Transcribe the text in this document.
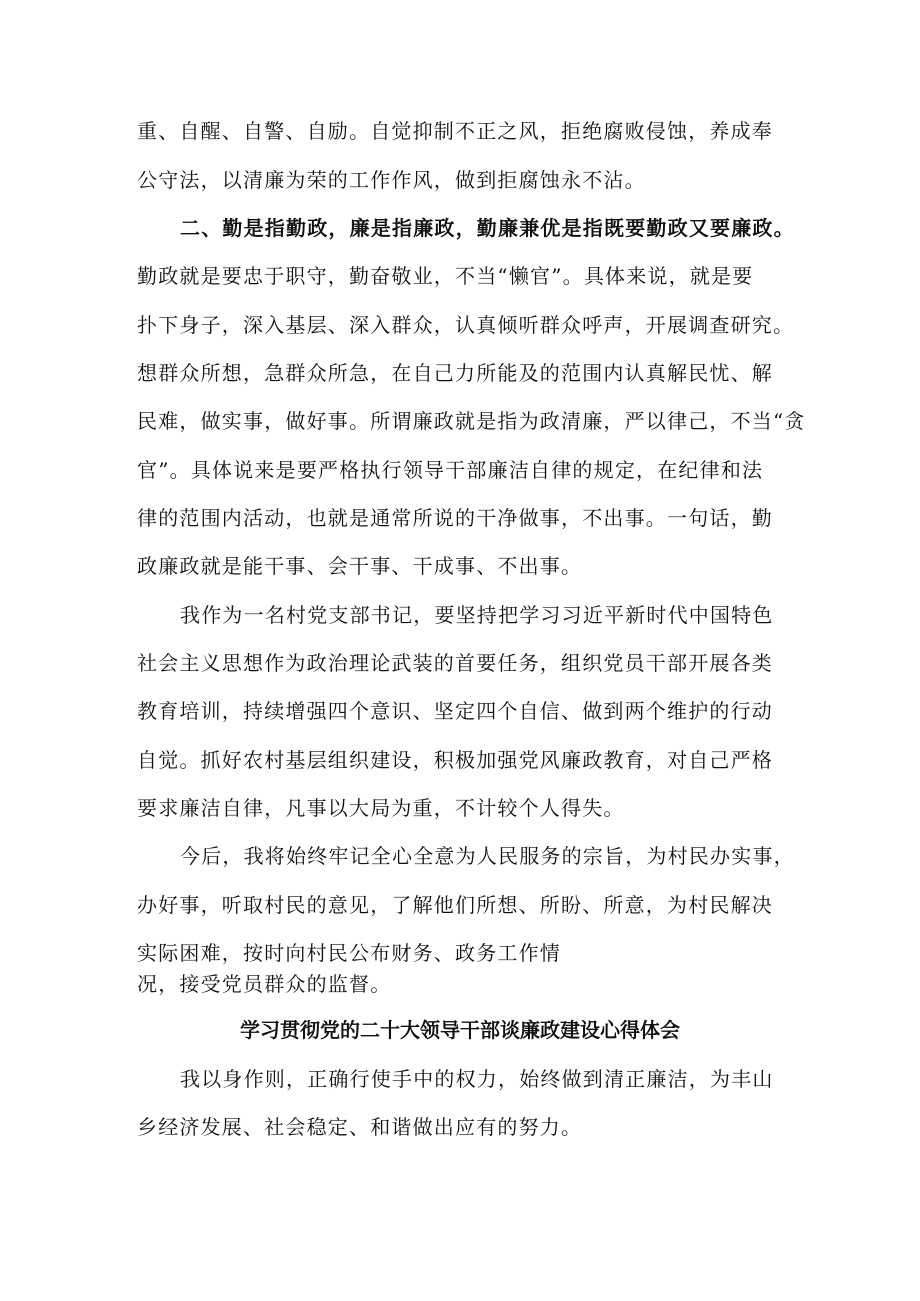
重、自醒、自警、自励。自觉抑制不正之风，拒绝腐败侵蚀，养成奉
公守法，以清廉为荣的工作作风，做到拒腐蚀永不沾。
二、勤是指勤政，廉是指廉政，勤廉兼优是指既要勤政又要廉政。
勤政就是要忠于职守，勤奋敬业，不当“懒官”。具体来说，就是要
扑下身子，深入基层、深入群众，认真倾听群众呼声，开展调查研究。
想群众所想，急群众所急，在自己力所能及的范围内认真解民忧、解
民难，做实事，做好事。所谓廉政就是指为政清廉，严以律己，不当“贪
官”。具体说来是要严格执行领导干部廉洁自律的规定，在纪律和法
律的范围内活动，也就是通常所说的干净做事，不出事。一句话，勤
政廉政就是能干事、会干事、干成事、不出事。
我作为一名村党支部书记，要坚持把学习习近平新时代中国特色
社会主义思想作为政治理论武装的首要任务，组织党员干部开展各类
教育培训，持续增强四个意识、坚定四个自信、做到两个维护的行动
自觉。抓好农村基层组织建设，积极加强党风廉政教育，对自己严格
要求廉洁自律，凡事以大局为重，不计较个人得失。
今后，我将始终牢记全心全意为人民服务的宗旨，为村民办实事，
办好事，听取村民的意见，了解他们所想、所盼、所意，为村民解决
实际困难，按时向村民公布财务、政务工作情
况，接受党员群众的监督。
学习贯彻党的二十大领导干部谈廉政建设心得体会
我以身作则，正确行使手中的权力，始终做到清正廉洁，为丰山
乡经济发展、社会稳定、和谐做出应有的努力。
